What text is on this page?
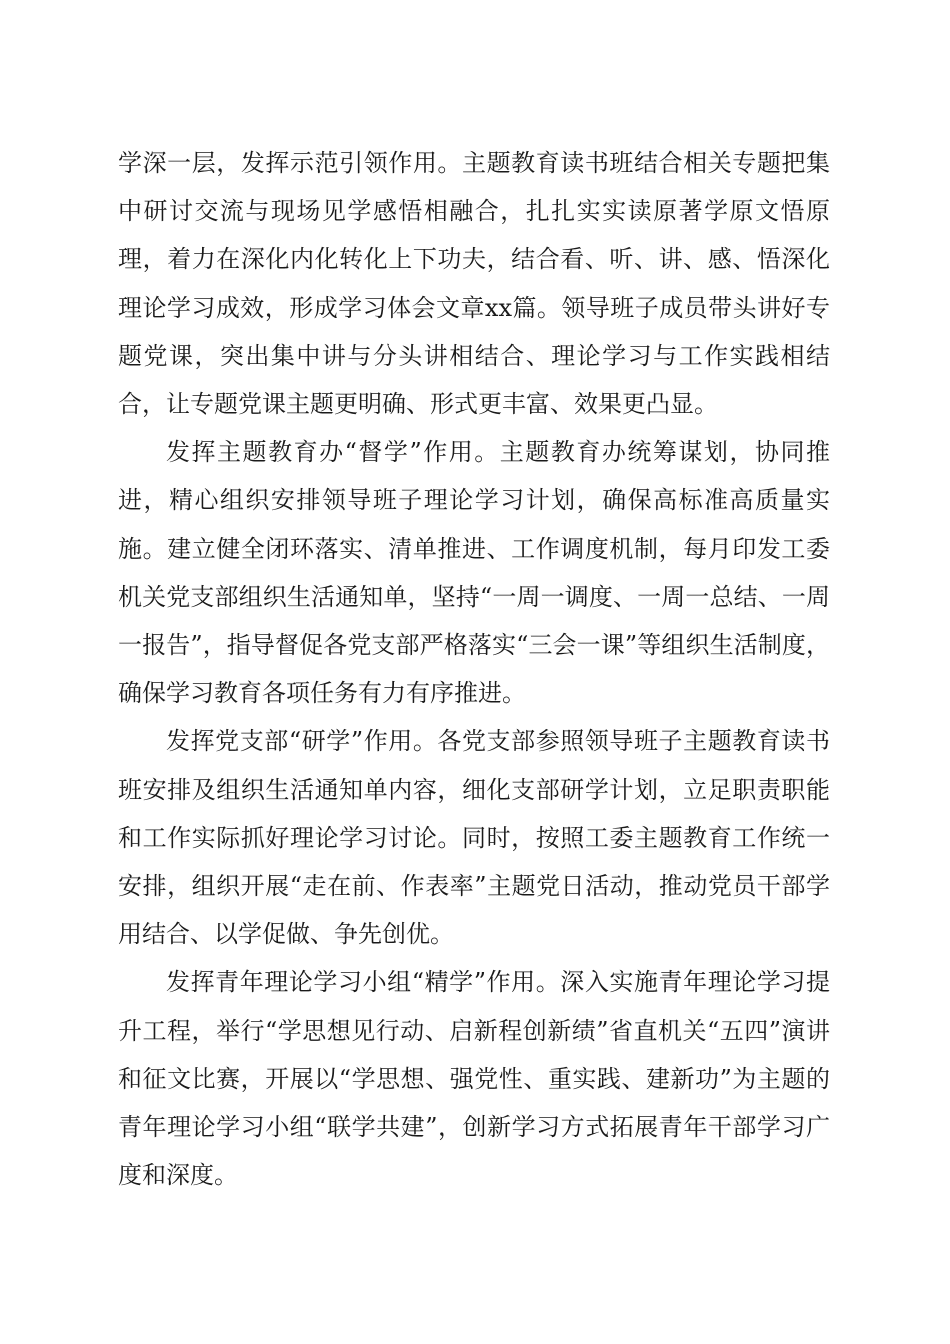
学深一层，发挥示范引领作用。主题教育读书班结合相关专题把集中研讨交流与现场见学感悟相融合，扎扎实实读原著学原文悟原理，着力在深化内化转化上下功夫，结合看、听、讲、感、悟深化理论学习成效，形成学习体会文章xx篇。领导班子成员带头讲好专题党课，突出集中讲与分头讲相结合、理论学习与工作实践相结合，让专题党课主题更明确、形式更丰富、效果更凸显。

发挥主题教育办“督学”作用。主题教育办统筹谋划，协同推进，精心组织安排领导班子理论学习计划，确保高标准高质量实施。建立健全闭环落实、清单推进、工作调度机制，每月印发工委机关党支部组织生活通知单，坚持“一周一调度、一周一总结、一周一报告”，指导督促各党支部严格落实“三会一课”等组织生活制度，确保学习教育各项任务有力有序推进。

发挥党支部“研学”作用。各党支部参照领导班子主题教育读书班安排及组织生活通知单内容，细化支部研学计划，立足职责职能和工作实际抓好理论学习讨论。同时，按照工委主题教育工作统一安排，组织开展“走在前、作表率”主题党日活动，推动党员干部学用结合、以学促做、争先创优。

发挥青年理论学习小组“精学”作用。深入实施青年理论学习提升工程，举行“学思想见行动、启新程创新绩”省直机关“五四”演讲和征文比赛，开展以“学思想、强党性、重实践、建新功”为主题的青年理论学习小组“联学共建”，创新学习方式拓展青年干部学习广度和深度。
